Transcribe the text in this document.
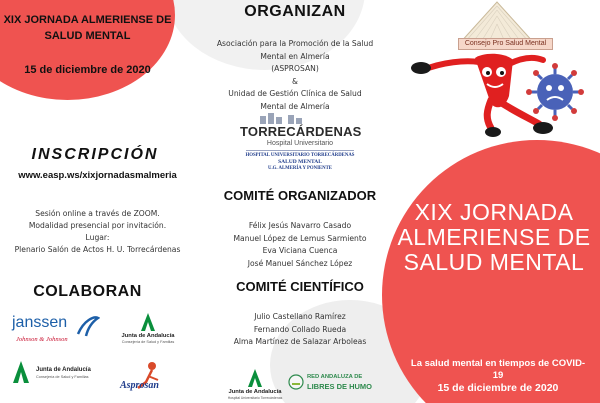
XIX JORNADA ALMERIENSE DE SALUD MENTAL
15 de diciembre de 2020
ORGANIZAN
Asociación para la Promoción de la Salud
Mental en Almería
(ASPROSAN)
&
Unidad de Gestión Clínica de Salud
Mental de Almería
TORRECÁRDENAS
Hospital Universitario
HOSPITAL UNIVERSITARIO TORRECÁRDENAS
SALUD MENTAL
U.G. ALMERÍA Y PONIENTE
Consejo Pro Salud Mental
INSCRIPCIÓN
www.easp.ws/xixjornadasmalmeria
Sesión online a través de ZOOM.
Modalidad presencial por invitación.
Lugar:
Plenario Salón de Actos H. U. Torrecárdenas
COMITÉ ORGANIZADOR
Félix Jesús Navarro Casado
Manuel López de Lemus Sarmiento
Eva Viciana Cuenca
José Manuel Sánchez López
COMITÉ CIENTÍFICO
Julio Castellano Ramírez
Fernando Collado Rueda
Alma Martínez de Salazar Arboleas
COLABORAN
janssen
Johnson & Johnson	Junta de Andalucía
Consejería de Salud y Familias
Junta de Andalucía
Consejería de Salud y Familias
Asprosan
Junta de Andalucía
Hospital Universitario Torrecárdenas
RED ANDALUZA DE
LIBRES DE HUMO
XIX JORNADA ALMERIENSE DE SALUD MENTAL
La salud mental en tiempos de COVID-19
15 de diciembre de 2020
